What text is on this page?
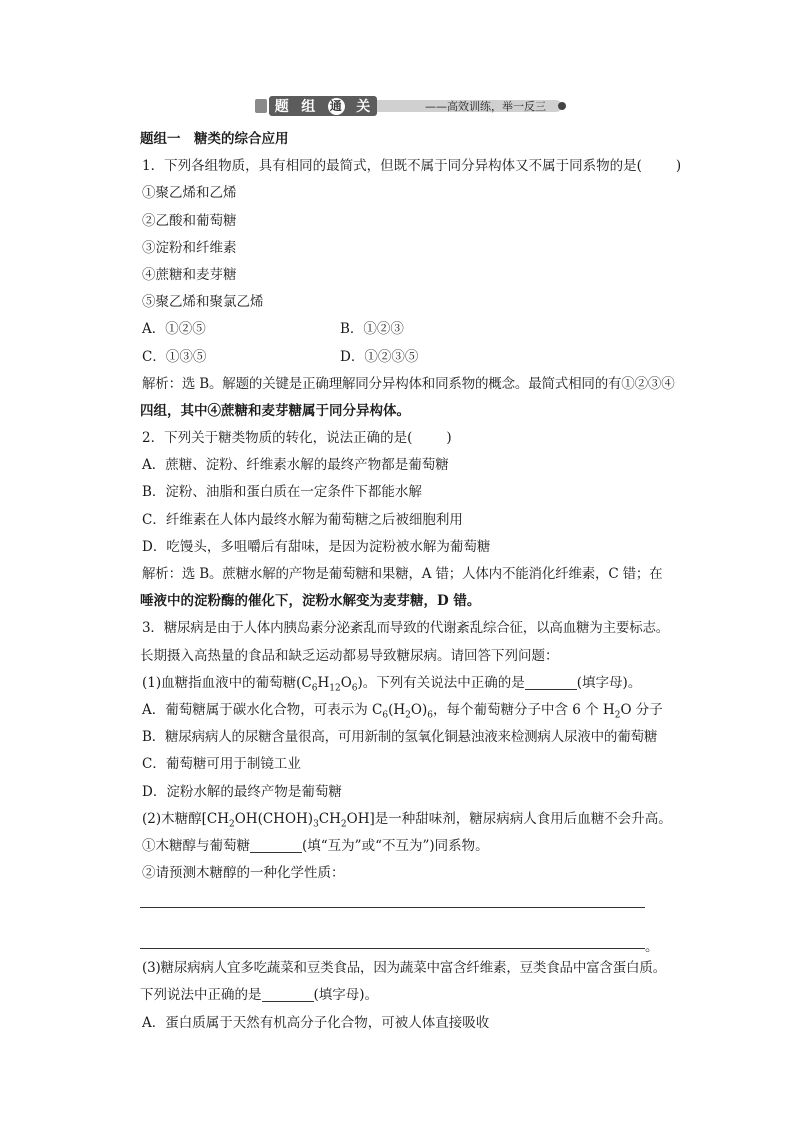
题 组 通 关	——高效训练，举一反三
题组一　糖类的综合应用
1．下列各组物质，具有相同的最简式，但既不属于同分异构体又不属于同系物的是(	)
①聚乙烯和乙烯
②乙酸和葡萄糖
③淀粉和纤维素
④蔗糖和麦芽糖
⑤聚乙烯和聚氯乙烯
A．①②⑤	B．①②③
C．①③⑤	D．①②③⑤
解析：选 B。解题的关键是正确理解同分异构体和同系物的概念。最简式相同的有①②③④
四组，其中④蔗糖和麦芽糖属于同分异构体。
2．下列关于糖类物质的转化，说法正确的是(	)
A．蔗糖、淀粉、纤维素水解的最终产物都是葡萄糖
B．淀粉、油脂和蛋白质在一定条件下都能水解
C．纤维素在人体内最终水解为葡萄糖之后被细胞利用
D．吃馒头，多咀嚼后有甜味，是因为淀粉被水解为葡萄糖
解析：选 B。蔗糖水解的产物是葡萄糖和果糖，A 错；人体内不能消化纤维素，C 错；在
唾液中的淀粉酶的催化下，淀粉水解变为麦芽糖，D 错。
3．糖尿病是由于人体内胰岛素分泌紊乱而导致的代谢紊乱综合征，以高血糖为主要标志。
长期摄入高热量的食品和缺乏运动都易导致糖尿病。请回答下列问题：
(1)血糖指血液中的葡萄糖$(C_6H_{12}O_6)$。下列有关说法中正确的是	(填字母)。
A．葡萄糖属于碳水化合物，可表示为 $C_6(H_2O)_6$，每个葡萄糖分子中含 6 个 $H_2O$ 分子
B．糖尿病病人的尿糖含量很高，可用新制的氢氧化铜悬浊液来检测病人尿液中的葡萄糖
C．葡萄糖可用于制镜工业
D．淀粉水解的最终产物是葡萄糖
(2)木糖醇$[CH_2OH(CHOH)_3CH_2OH]$是一种甜味剂，糖尿病病人食用后血糖不会升高。
①木糖醇与葡萄糖	(填“互为”或“不互为”)同系物。
②请预测木糖醇的一种化学性质：
。
(3)糖尿病病人宜多吃蔬菜和豆类食品，因为蔬菜中富含纤维素，豆类食品中富含蛋白质。
下列说法中正确的是	(填字母)。
A．蛋白质属于天然有机高分子化合物，可被人体直接吸收
